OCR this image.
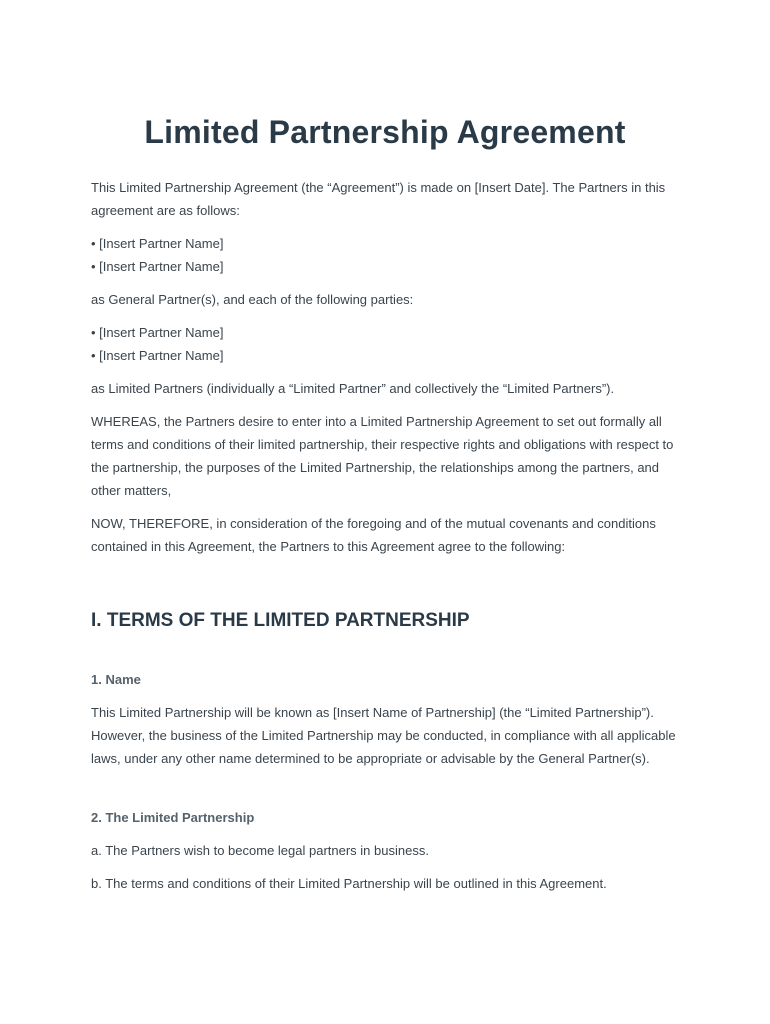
Limited Partnership Agreement

This Limited Partnership Agreement (the “Agreement”) is made on [Insert Date]. The Partners in this agreement are as follows:

• [Insert Partner Name]
• [Insert Partner Name]

as General Partner(s), and each of the following parties:

• [Insert Partner Name]
• [Insert Partner Name]

as Limited Partners (individually a “Limited Partner” and collectively the “Limited Partners”).

WHEREAS, the Partners desire to enter into a Limited Partnership Agreement to set out formally all terms and conditions of their limited partnership, their respective rights and obligations with respect to the partnership, the purposes of the Limited Partnership, the relationships among the partners, and other matters,

NOW, THEREFORE, in consideration of the foregoing and of the mutual covenants and conditions contained in this Agreement, the Partners to this Agreement agree to the following:

I. TERMS OF THE LIMITED PARTNERSHIP
1. Name

This Limited Partnership will be known as [Insert Name of Partnership] (the “Limited Partnership”). However, the business of the Limited Partnership may be conducted, in compliance with all applicable laws, under any other name determined to be appropriate or advisable by the General Partner(s).

2. The Limited Partnership

a. The Partners wish to become legal partners in business.

b. The terms and conditions of their Limited Partnership will be outlined in this Agreement.
